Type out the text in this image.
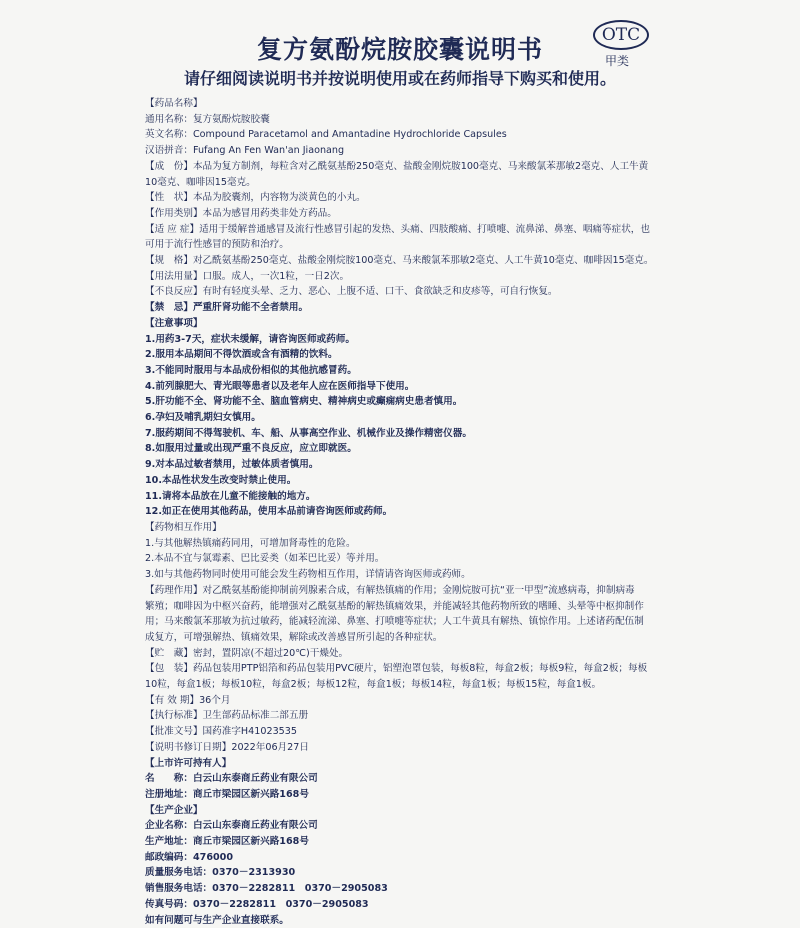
复方氨酚烷胺胶囊说明书
请仔细阅读说明书并按说明使用或在药师指导下购买和使用。
OTC
甲类
【药品名称】
通用名称：复方氨酚烷胺胶囊
英文名称：Compound Paracetamol and Amantadine Hydrochloride Capsules
汉语拼音：Fufang An Fen Wan'an Jiaonang
【成　份】本品为复方制剂，每粒含对乙酰氨基酚250毫克、盐酸金刚烷胺100毫克、马来酸氯苯那敏2毫克、人工牛黄
10毫克、咖啡因15毫克。
【性　状】本品为胶囊剂，内容物为淡黄色的小丸。
【作用类别】本品为感冒用药类非处方药品。
【适 应 症】适用于缓解普通感冒及流行性感冒引起的发热、头痛、四肢酸痛、打喷嚏、流鼻涕、鼻塞、咽痛等症状，也
可用于流行性感冒的预防和治疗。
【规　格】对乙酰氨基酚250毫克、盐酸金刚烷胺100毫克、马来酸氯苯那敏2毫克、人工牛黄10毫克、咖啡因15毫克。
【用法用量】口服。成人，一次1粒，一日2次。
【不良反应】有时有轻度头晕、乏力、恶心、上腹不适、口干、食欲缺乏和皮疹等，可自行恢复。
【禁　忌】严重肝肾功能不全者禁用。
【注意事项】
1.用药3-7天，症状未缓解，请咨询医师或药师。
2.服用本品期间不得饮酒或含有酒精的饮料。
3.不能同时服用与本品成份相似的其他抗感冒药。
4.前列腺肥大、青光眼等患者以及老年人应在医师指导下使用。
5.肝功能不全、肾功能不全、脑血管病史、精神病史或癫痫病史患者慎用。
6.孕妇及哺乳期妇女慎用。
7.服药期间不得驾驶机、车、船、从事高空作业、机械作业及操作精密仪器。
8.如服用过量或出现严重不良反应，应立即就医。
9.对本品过敏者禁用，过敏体质者慎用。
10.本品性状发生改变时禁止使用。
11.请将本品放在儿童不能接触的地方。
12.如正在使用其他药品，使用本品前请咨询医师或药师。
【药物相互作用】
1.与其他解热镇痛药同用，可增加肾毒性的危险。
2.本品不宜与氯霉素、巴比妥类（如苯巴比妥）等并用。
3.如与其他药物同时使用可能会发生药物相互作用，详情请咨询医师或药师。
【药理作用】对乙酰氨基酚能抑制前列腺素合成，有解热镇痛的作用；金刚烷胺可抗“亚一甲型”流感病毒，抑制病毒
繁殖；咖啡因为中枢兴奋药，能增强对乙酰氨基酚的解热镇痛效果，并能减轻其他药物所致的嗜睡、头晕等中枢抑制作
用；马来酸氯苯那敏为抗过敏药，能减轻流涕、鼻塞、打喷嚏等症状；人工牛黄具有解热、镇惊作用。上述诸药配伍制
成复方，可增强解热、镇痛效果，解除或改善感冒所引起的各种症状。
【贮　藏】密封，置阴凉(不超过20℃)干燥处。
【包　装】药品包装用PTP铝箔和药品包装用PVC硬片，铝塑泡罩包装，每板8粒，每盒2板；每板9粒，每盒2板；每板
10粒，每盒1板；每板10粒，每盒2板；每板12粒，每盒1板；每板14粒，每盒1板；每板15粒，每盒1板。
【有 效 期】36个月
【执行标准】卫生部药品标准二部五册
【批准文号】国药准字H41023535
【说明书修订日期】2022年06月27日
【上市许可持有人】
名　　称：白云山东泰商丘药业有限公司
注册地址：商丘市梁园区新兴路168号
【生产企业】
企业名称：白云山东泰商丘药业有限公司
生产地址：商丘市梁园区新兴路168号
邮政编码：476000
质量服务电话：0370－2313930
销售服务电话：0370－2282811　0370－2905083
传真号码：0370－2282811　0370－2905083
如有问题可与生产企业直接联系。
